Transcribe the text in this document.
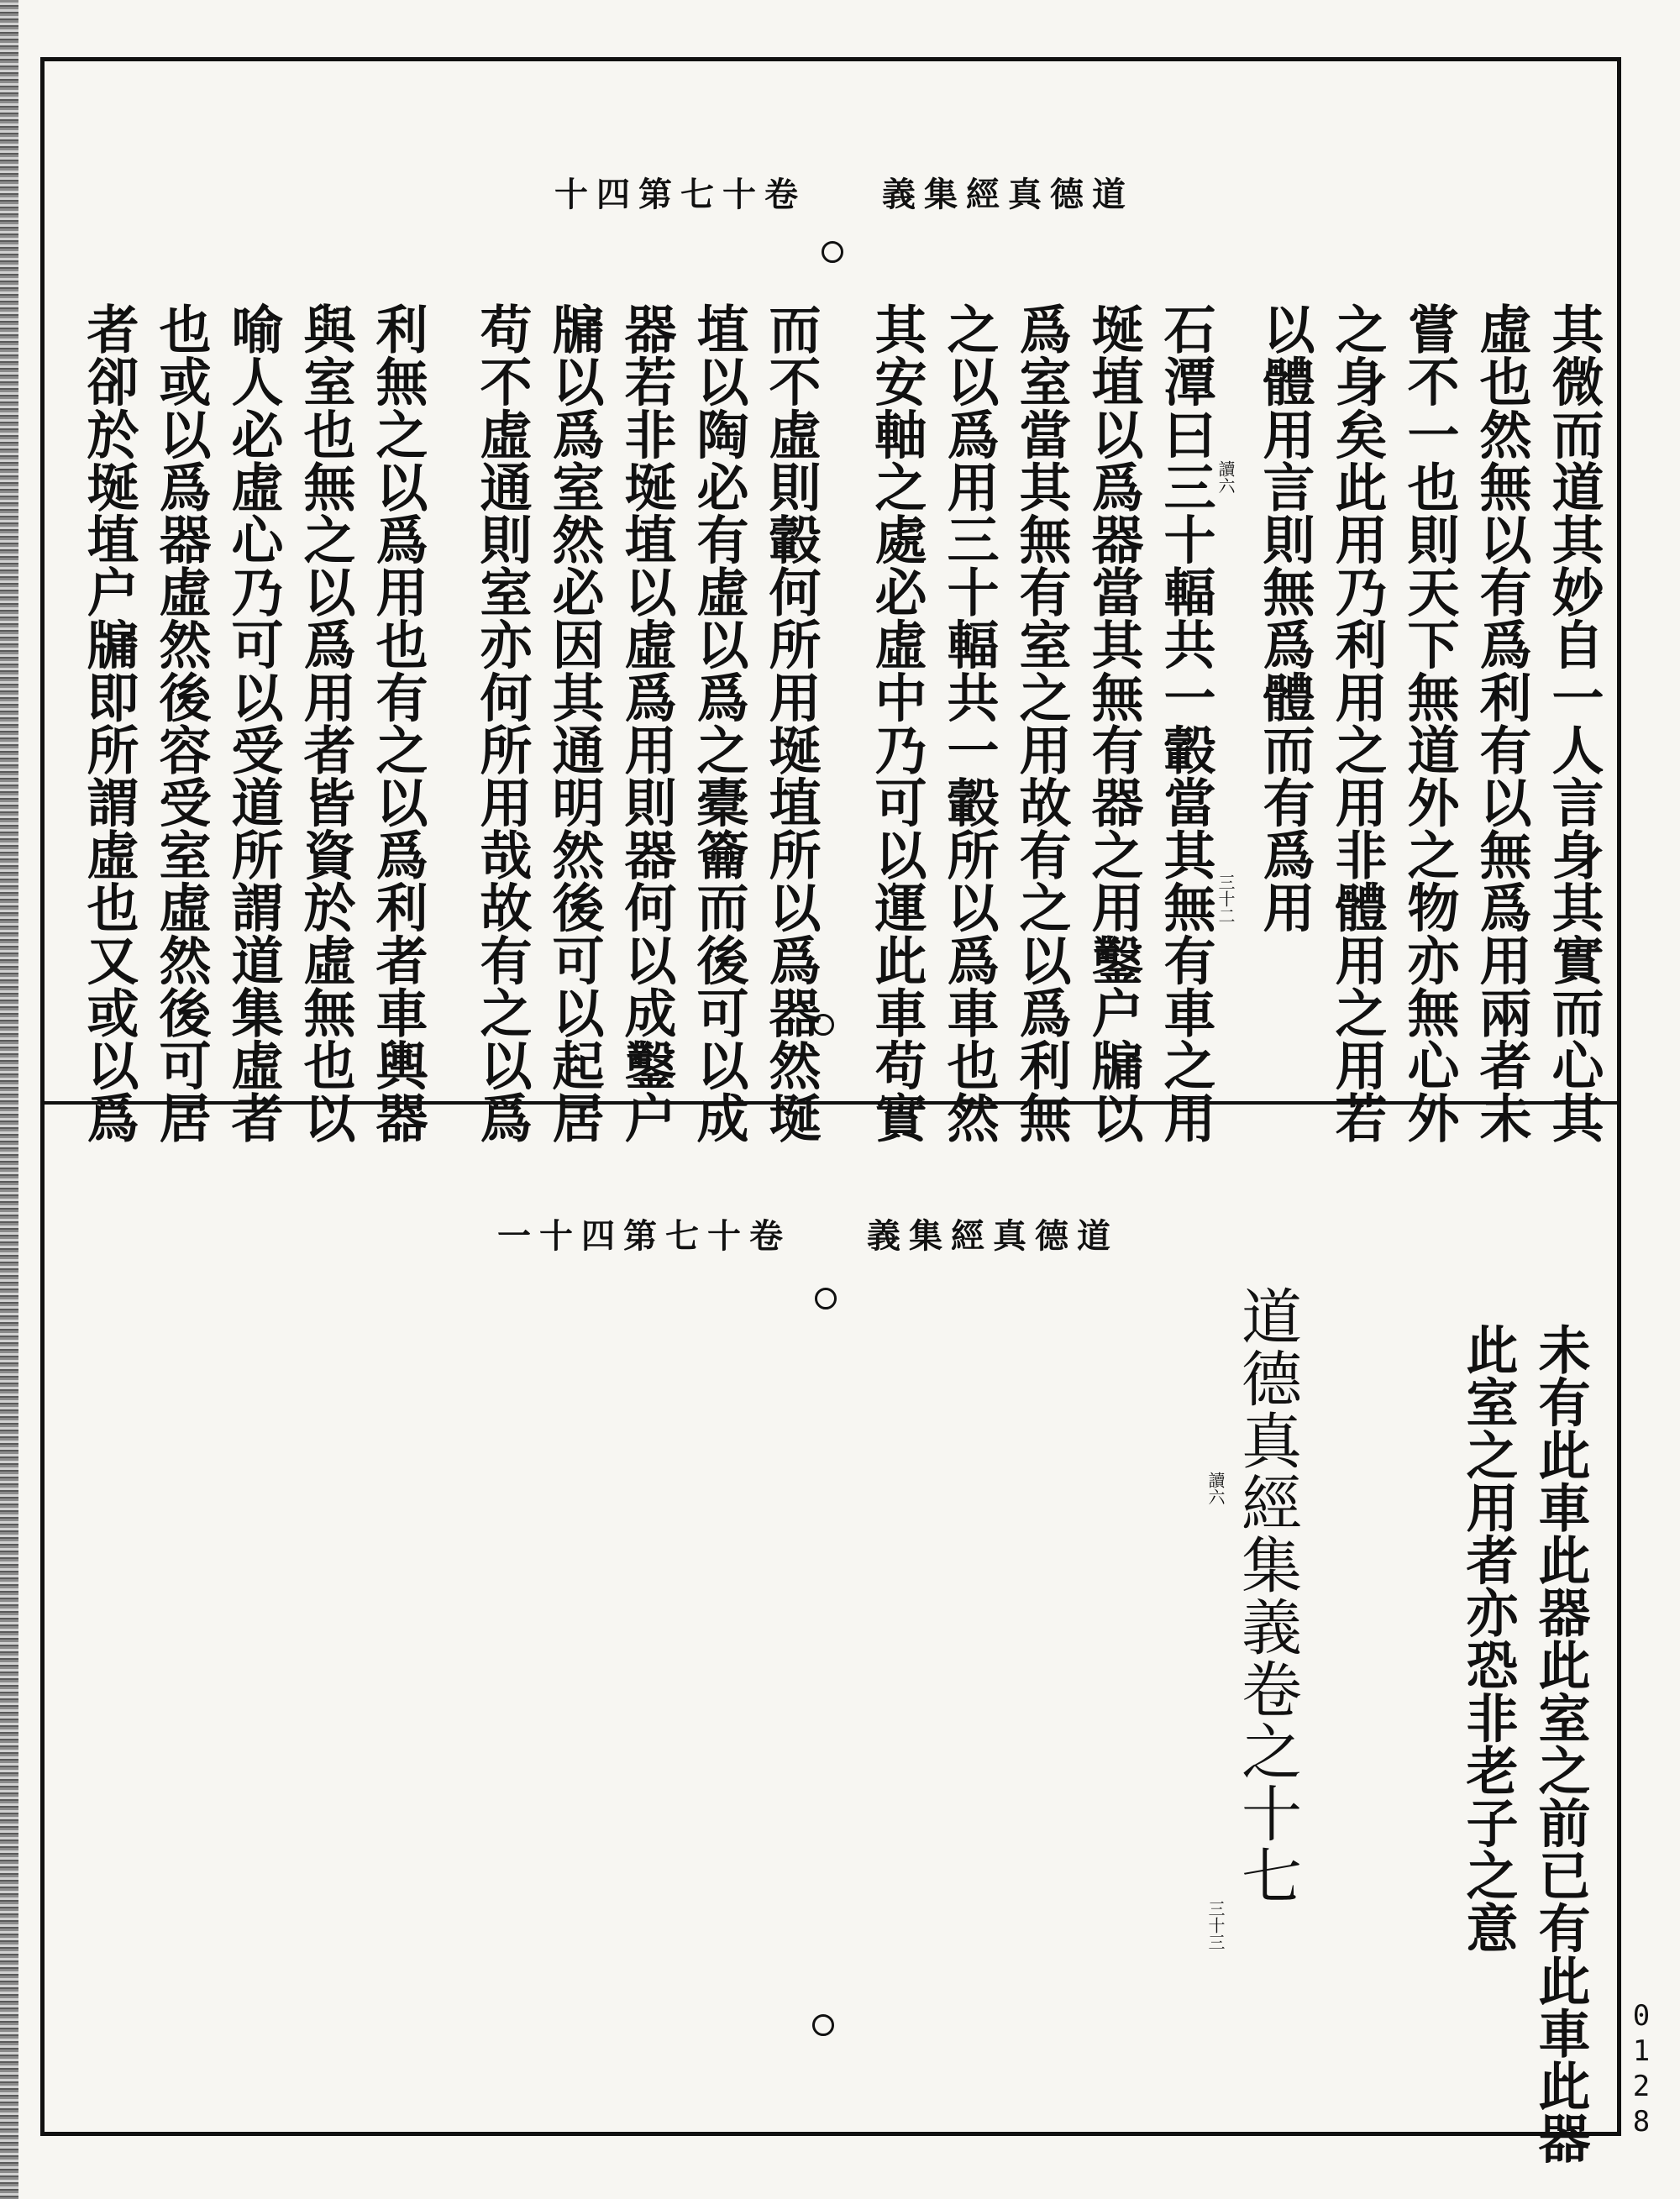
十四第七十卷 義集經真德道
其微而道其妙自一人言身其實而心其
虛也然無以有爲利有以無爲用兩者未
嘗不一也則天下無道外之物亦無心外
之身矣此用乃利用之用非體用之用若
以體用言則無爲體而有爲用
讀六
三十二
石潭曰三十輻共一轂當其無有車之用
埏埴以爲器當其無有器之用鑿户牖以
爲室當其無有室之用故有之以爲利無
之以爲用三十輻共一轂所以爲車也然
其安軸之處必虛中乃可以運此車苟實
而不虛則轂何所用埏埴所以爲器然埏
埴以陶必有虛以爲之橐籥而後可以成
器若非埏埴以虛爲用則器何以成鑿户
牖以爲室然必因其通明然後可以起居
苟不虛通則室亦何所用哉故有之以爲
利無之以爲用也有之以爲利者車輿器
與室也無之以爲用者皆資於虛無也以
喻人必虛心乃可以受道所謂道集虛者
也或以爲器虛然後容受室虛然後可居
者卻於埏埴户牖即所謂虛也又或以爲
一十四第七十卷 義集經真德道
未有此車此器此室之前已有此車此器
此室之用者亦恐非老子之意
道德真經集義卷之十七
讀六
三十三
0128
